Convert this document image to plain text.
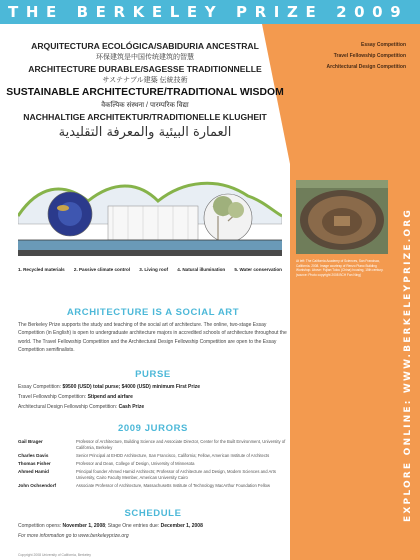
THE BERKELEY PRIZE 2009
Essay Competition
Travel Fellowship Competition
Architectural Design Competition
EXPLORE ONLINE: WWW.BERKELEYPRIZE.ORG
ARQUITECTURA ECOLÓGICA/SABIDURIA ANCESTRAL
环保建筑是中国传统建筑的智慧
ARCHITECTURE DURABLE/SAGESSE TRADITIONNELLE
サステナブル建築 伝統技術
SUSTAINABLE ARCHITECTURE/TRADITIONAL WISDOM
वैकल्पिक संस्थना / पारम्परिक विद्या
NACHHALTIGE ARCHITEKTUR/TRADITIONELLE KLUGHEIT
العمارة البيئية والمعرفة التقليدية
1. Recycled materials 2. Passive climate control 3. Living roof 4. Natural illumination 5. Water conservation
At left: The California Academy of Sciences, San Francisco, California. 2008. Image courtesy of Renzo Piano Building Workshop. Above: Fujian Tulou (China) housing, 15th century. (source: Photo copyright 2008 BCH Fan Ning)
ARCHITECTURE IS A SOCIAL ART
The Berkeley Prize supports the study and teaching of the social art of architecture. The online, two-stage Essay Competition (in English) is open to undergraduate architecture majors in accredited schools of architecture throughout the world. The Travel Fellowship Competition and the Architectural Design Fellowship Competition are open to the Essay Competition semifinalists.
PURSE
Essay Competition: $9500 (USD) total purse; $4000 (USD) minimum First Prize
Travel Fellowship Competition: Stipend and airfare
Architectural Design Fellowship Competition: Cash Prize
2009 JURORS
Gail Brager	Professor of Architecture, Building Science and Associate Director, Center for the Built Environment, University of California, Berkeley
Charles Davis	Senior Principal at EHDD Architecture, San Francisco, California; Fellow, American Institute of Architects
Thomas Fisher	Professor and Dean, College of Design, University of Minnesota
Ahmed Hamid	Principal founder Ahmed Hamid Architects; Professor of Architecture and Design, Modern Sciences and Arts University, Cairo Faculty Member, American University Cairo
John Ochsendorf	Associate Professor of Architecture, Massachusetts Institute of Technology MacArthur Foundation Fellow
SCHEDULE
Competition opens: November 1, 2008; Stage One entries due: December 1, 2008
For more information go to www.berkeleyprize.org
Copyright 2008 University of California, Berkeley
